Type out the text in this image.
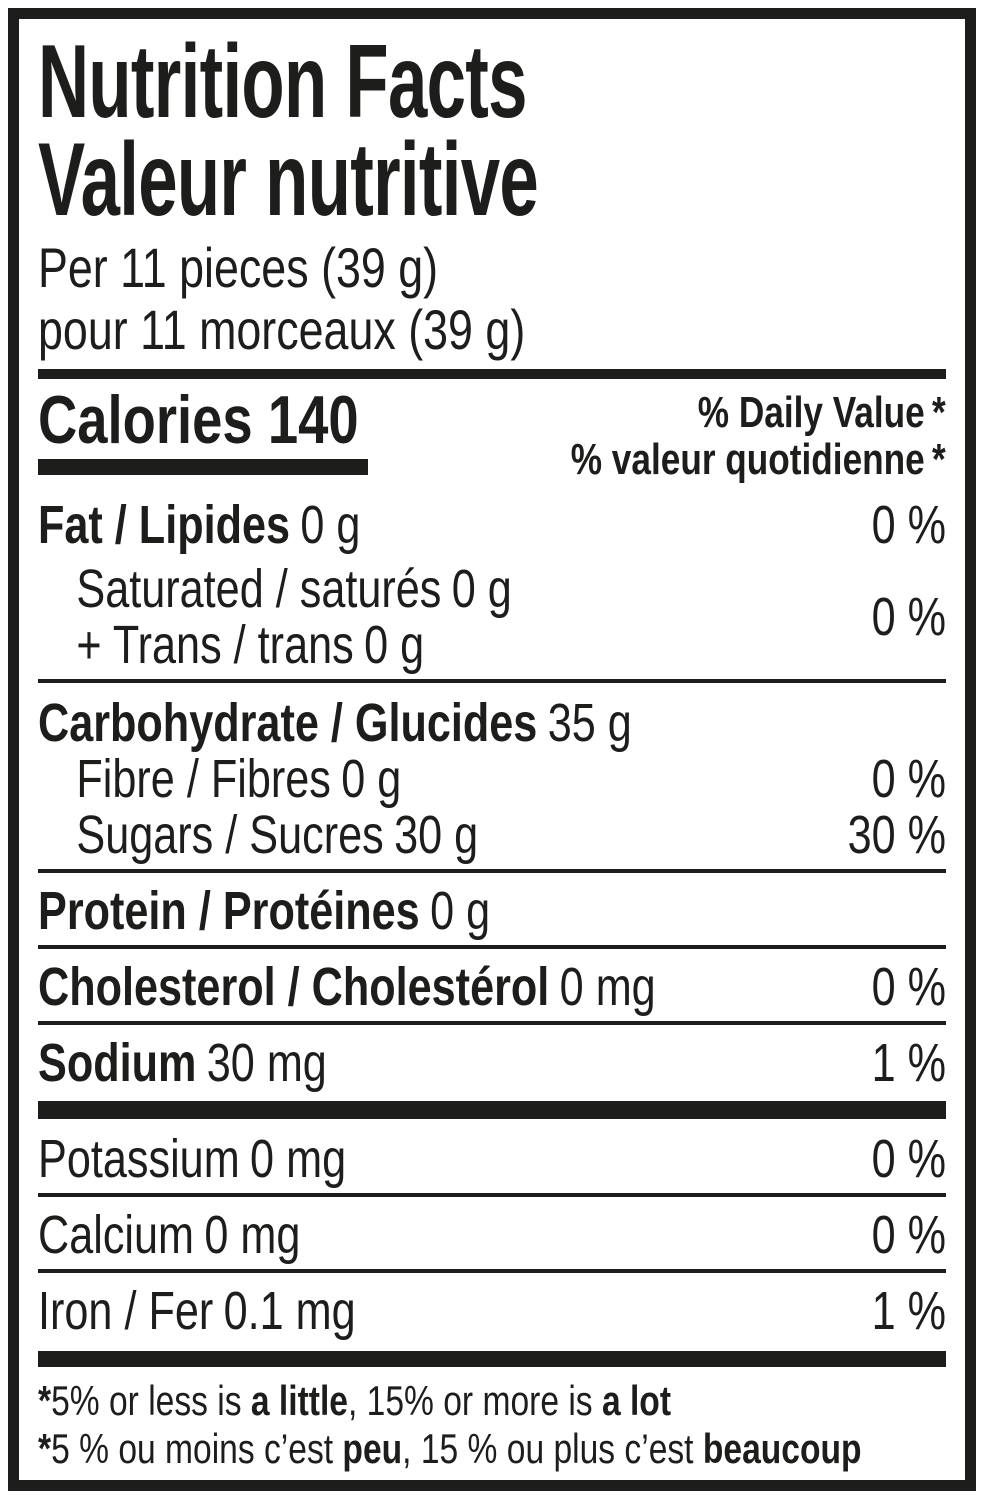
Nutrition Facts
Valeur nutritive
Per 11 pieces (39 g)
pour 11 morceaux (39 g)
Calories 140	% Daily Value *
% valeur quotidienne *
Fat / Lipides 0 g	0 %
Saturated / saturés 0 g
+ Trans / trans 0 g	0 %
Carbohydrate / Glucides 35 g
Fibre / Fibres 0 g	0 %
Sugars / Sucres 30 g	30 %
Protein / Protéines 0 g
Cholesterol / Cholestérol 0 mg	0 %
Sodium 30 mg	1 %
Potassium 0 mg	0 %
Calcium 0 mg	0 %
Iron / Fer 0.1 mg	1 %
*5% or less is a little, 15% or more is a lot
*5 % ou moins c’est peu, 15 % ou plus c’est beaucoup
